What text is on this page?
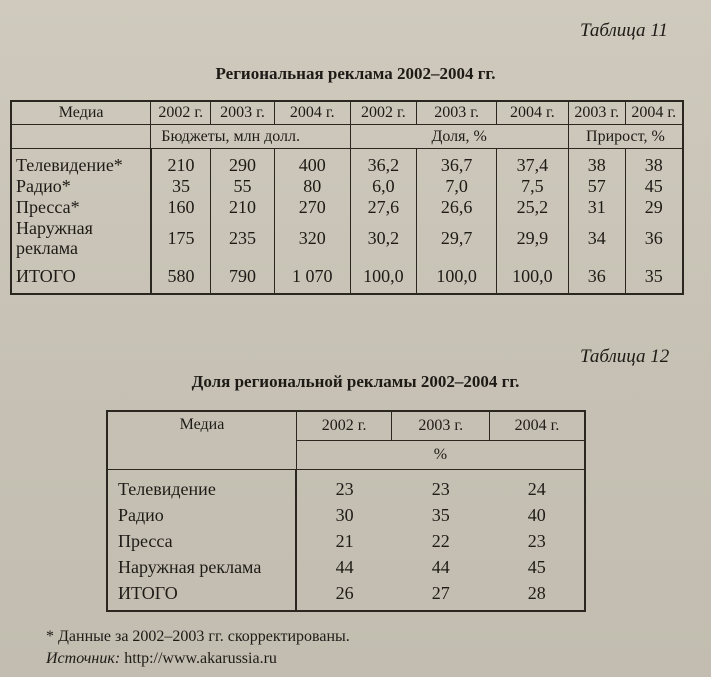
Таблица 11
Региональная реклама 2002–2004 гг.
Медиа	2002 г.	2003 г.	2004 г.	2002 г.	2003 г.	2004 г.	2003 г.	2004 г.
	Бюджеты, млн долл.			Доля, %			Прирост, %	
Телевидение*	210	290	400	36,2	36,7	37,4	38	38
Радио*	35	55	80	6,0	7,0	7,5	57	45
Пресса*	160	210	270	27,6	26,6	25,2	31	29
Наружная реклама	175	235	320	30,2	29,7	29,9	34	36
ИТОГО	580	790	1 070	100,0	100,0	100,0	36	35
Таблица 12
Доля региональной рекламы 2002–2004 гг.
Медиа	2002 г.	2003 г.	2004 г.
	%		
Телевидение	23	23	24
Радио	30	35	40
Пресса	21	22	23
Наружная реклама	44	44	45
ИТОГО	26	27	28
* Данные за 2002–2003 гг. скорректированы.
Источник: http://www.akarussia.ru
